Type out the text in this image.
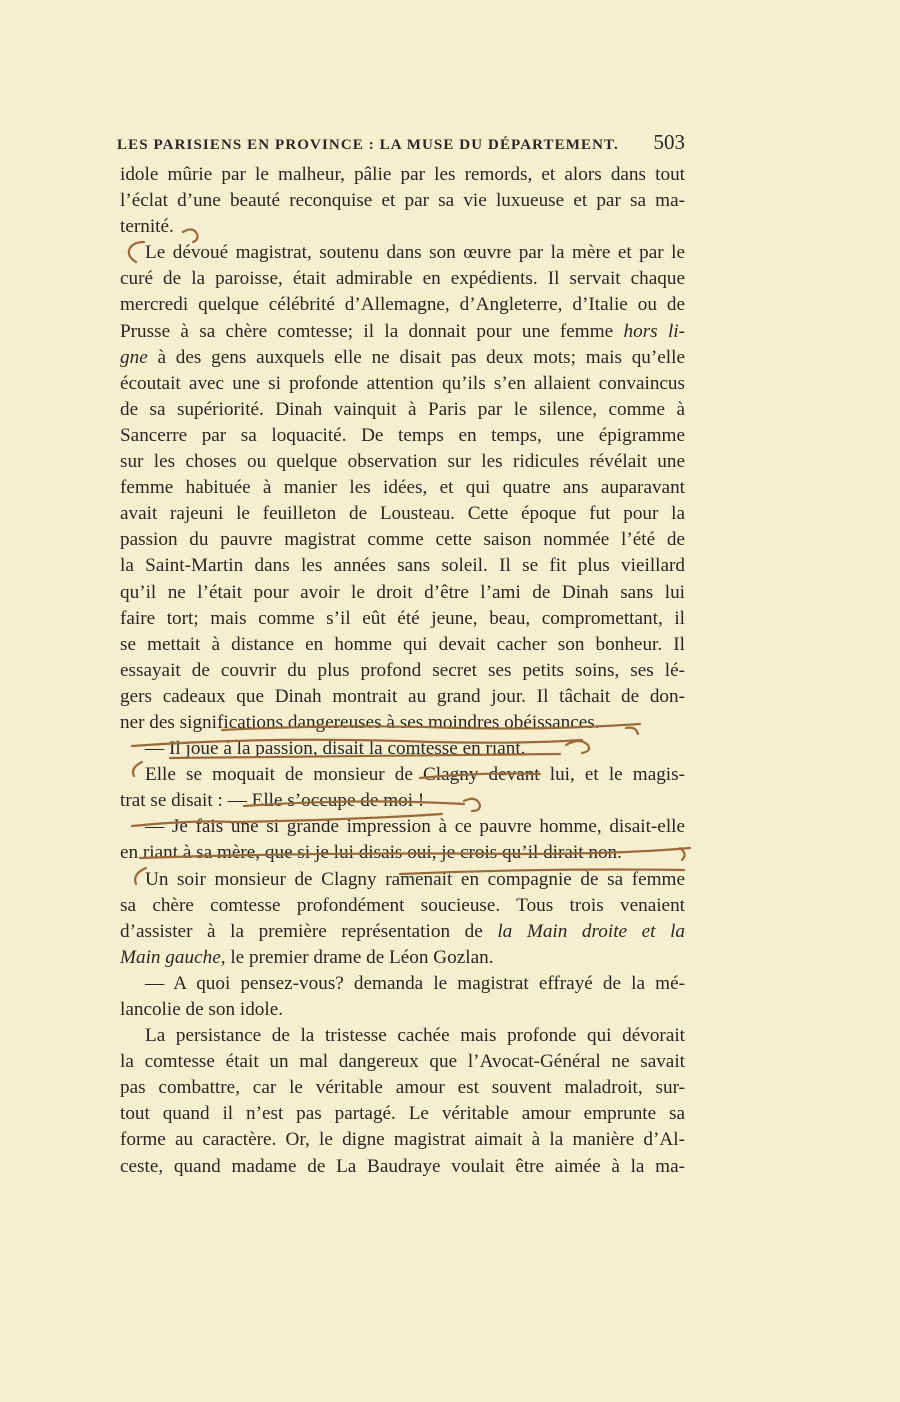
LES PARISIENS EN PROVINCE : LA MUSE DU DÉPARTEMENT. 503
idole mûrie par le malheur, pâlie par les remords, et alors dans tout
l’éclat d’une beauté reconquise et par sa vie luxueuse et par sa ma-
ternité.
Le dévoué magistrat, soutenu dans son œuvre par la mère et par le
curé de la paroisse, était admirable en expédients. Il servait chaque
mercredi quelque célébrité d’Allemagne, d’Angleterre, d’Italie ou de
Prusse à sa chère comtesse; il la donnait pour une femme hors li-
gne à des gens auxquels elle ne disait pas deux mots; mais qu’elle
écoutait avec une si profonde attention qu’ils s’en allaient convaincus
de sa supériorité. Dinah vainquit à Paris par le silence, comme à
Sancerre par sa loquacité. De temps en temps, une épigramme
sur les choses ou quelque observation sur les ridicules révélait une
femme habituée à manier les idées, et qui quatre ans auparavant
avait rajeuni le feuilleton de Lousteau. Cette époque fut pour la
passion du pauvre magistrat comme cette saison nommée l’été de
la Saint-Martin dans les années sans soleil. Il se fit plus vieillard
qu’il ne l’était pour avoir le droit d’être l’ami de Dinah sans lui
faire tort; mais comme s’il eût été jeune, beau, compromettant, il
se mettait à distance en homme qui devait cacher son bonheur. Il
essayait de couvrir du plus profond secret ses petits soins, ses lé-
gers cadeaux que Dinah montrait au grand jour. Il tâchait de don-
ner des significations dangereuses à ses moindres obéissances.
— Il joue à la passion, disait la comtesse en riant.
Elle se moquait de monsieur de Clagny devant lui, et le magis-
trat se disait : — Elle s’occupe de moi !
— Je fais une si grande impression à ce pauvre homme, disait-elle
en riant à sa mère, que si je lui disais oui, je crois qu’il dirait non.
Un soir monsieur de Clagny ramenait en compagnie de sa femme
sa chère comtesse profondément soucieuse. Tous trois venaient
d’assister à la première représentation de la Main droite et la
Main gauche, le premier drame de Léon Gozlan.
— A quoi pensez-vous? demanda le magistrat effrayé de la mé-
lancolie de son idole.
La persistance de la tristesse cachée mais profonde qui dévorait
la comtesse était un mal dangereux que l’Avocat-Général ne savait
pas combattre, car le véritable amour est souvent maladroit, sur-
tout quand il n’est pas partagé. Le véritable amour emprunte sa
forme au caractère. Or, le digne magistrat aimait à la manière d’Al-
ceste, quand madame de La Baudraye voulait être aimée à la ma-
